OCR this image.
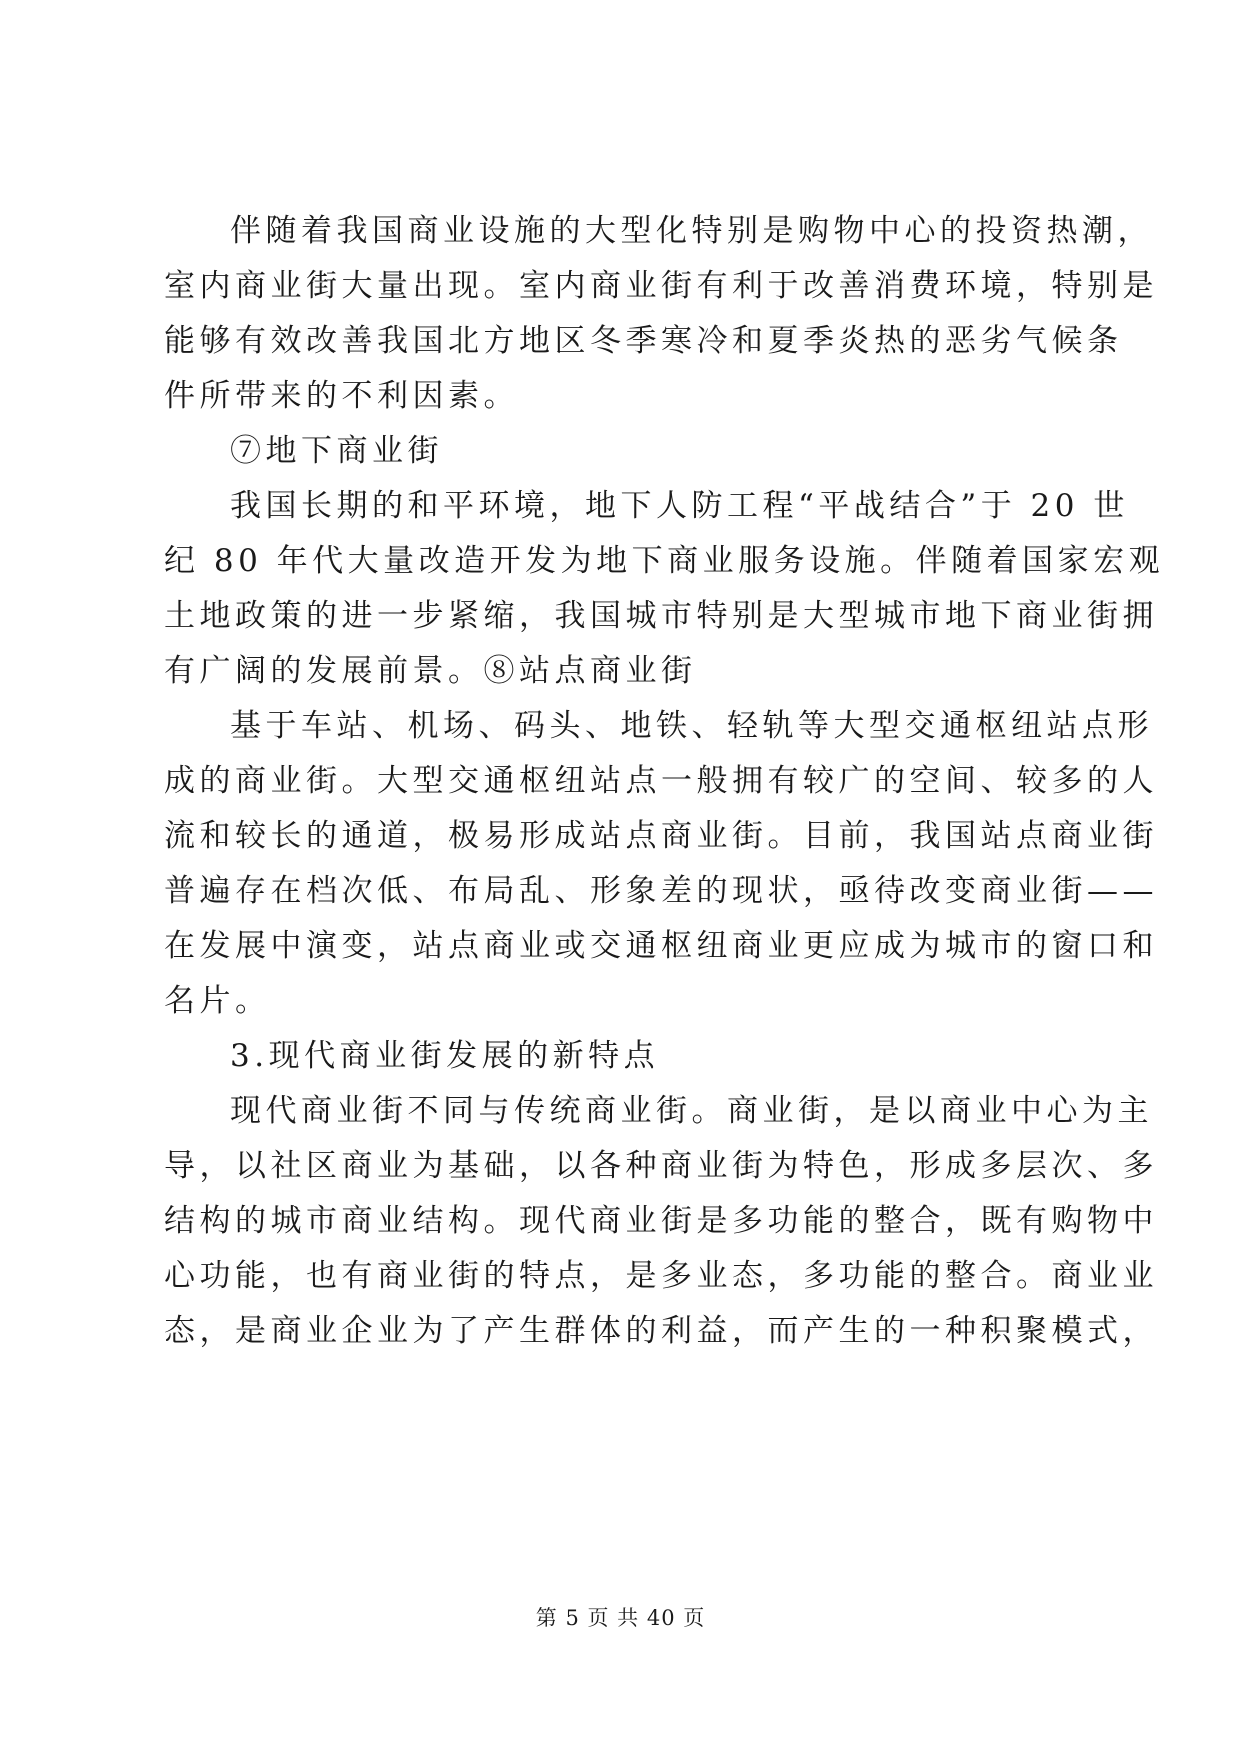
伴随着我国商业设施的大型化特别是购物中心的投资热潮，
室内商业街大量出现。室内商业街有利于改善消费环境，特别是
能够有效改善我国北方地区冬季寒冷和夏季炎热的恶劣气候条
件所带来的不利因素。
⑦地下商业街
我国长期的和平环境，地下人防工程“平战结合”于 20 世
纪 80 年代大量改造开发为地下商业服务设施。伴随着国家宏观
土地政策的进一步紧缩，我国城市特别是大型城市地下商业街拥
有广阔的发展前景。⑧站点商业街
基于车站、机场、码头、地铁、轻轨等大型交通枢纽站点形
成的商业街。大型交通枢纽站点一般拥有较广的空间、较多的人
流和较长的通道，极易形成站点商业街。目前，我国站点商业街
普遍存在档次低、布局乱、形象差的现状，亟待改变商业街——
在发展中演变，站点商业或交通枢纽商业更应成为城市的窗口和
名片。
3.现代商业街发展的新特点
现代商业街不同与传统商业街。商业街，是以商业中心为主
导，以社区商业为基础，以各种商业街为特色，形成多层次、多
结构的城市商业结构。现代商业街是多功能的整合，既有购物中
心功能，也有商业街的特点，是多业态，多功能的整合。商业业
态，是商业企业为了产生群体的利益，而产生的一种积聚模式，
第 5 页 共 40 页
